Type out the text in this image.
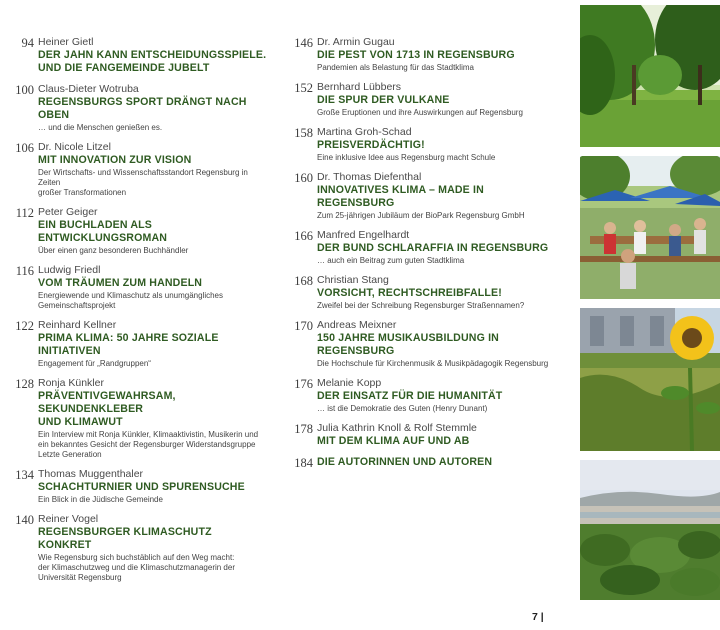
94 Heiner Gietl
DER JAHN KANN ENTSCHEIDUNGSSPIELE.
UND DIE FANGEMEINDE JUBELT
100 Claus-Dieter Wotruba
REGENSBURGS SPORT DRÄNGT NACH OBEN
… und die Menschen genießen es.
106 Dr. Nicole Litzel
MIT INNOVATION ZUR VISION
Der Wirtschafts- und Wissenschaftsstandort Regensburg in Zeiten
großer Transformationen
112 Peter Geiger
EIN BUCHLADEN ALS
ENTWICKLUNGSROMAN
Über einen ganz besonderen Buchhändler
116 Ludwig Friedl
VOM TRÄUMEN ZUM HANDELN
Energiewende und Klimaschutz als unumgängliches
Gemeinschaftsprojekt
122 Reinhard Kellner
PRIMA KLIMA: 50 JAHRE SOZIALE
INITIATIVEN
Engagement für „Randgruppen“
128 Ronja Künkler
PRÄVENTIVGEWAHRSAM, SEKUNDENKLEBER
UND KLIMAWUT
Ein Interview mit Ronja Künkler, Klimaaktivistin, Musikerin und
ein bekanntes Gesicht der Regensburger Widerstandsgruppe
Letzte Generation
134 Thomas Muggenthaler
SCHACHTURNIER UND SPURENSUCHE
Ein Blick in die Jüdische Gemeinde
140 Reiner Vogel
REGENSBURGER KLIMASCHUTZ KONKRET
Wie Regensburg sich buchstäblich auf den Weg macht:
der Klimaschutzweg und die Klimaschutzmanagerin der
Universität Regensburg
146 Dr. Armin Gugau
DIE PEST VON 1713 IN REGENSBURG
Pandemien als Belastung für das Stadtklima
152 Bernhard Lübbers
DIE SPUR DER VULKANE
Große Eruptionen und ihre Auswirkungen auf Regensburg
158 Martina Groh-Schad
PREISVERDÄCHTIG!
Eine inklusive Idee aus Regensburg macht Schule
160 Dr. Thomas Diefenthal
INNOVATIVES KLIMA – MADE IN
REGENSBURG
Zum 25-jährigen Jubiläum der BioPark Regensburg GmbH
166 Manfred Engelhardt
DER BUND SCHLARAFFIA IN REGENSBURG
… auch ein Beitrag zum guten Stadtklima
168 Christian Stang
VORSICHT, RECHTSCHREIBFALLE!
Zweifel bei der Schreibung Regensburger Straßennamen?
170 Andreas Meixner
150 JAHRE MUSIKAUSBILDUNG IN
REGENSBURG
Die Hochschule für Kirchenmusik & Musikpädagogik Regensburg
176 Melanie Kopp
DER EINSATZ FÜR DIE HUMANITÄT
… ist die Demokratie des Guten (Henry Dunant)
178 Julia Kathrin Knoll & Rolf Stemmle
MIT DEM KLIMA AUF UND AB
184 DIE AUTORINNEN UND AUTOREN
7 |
